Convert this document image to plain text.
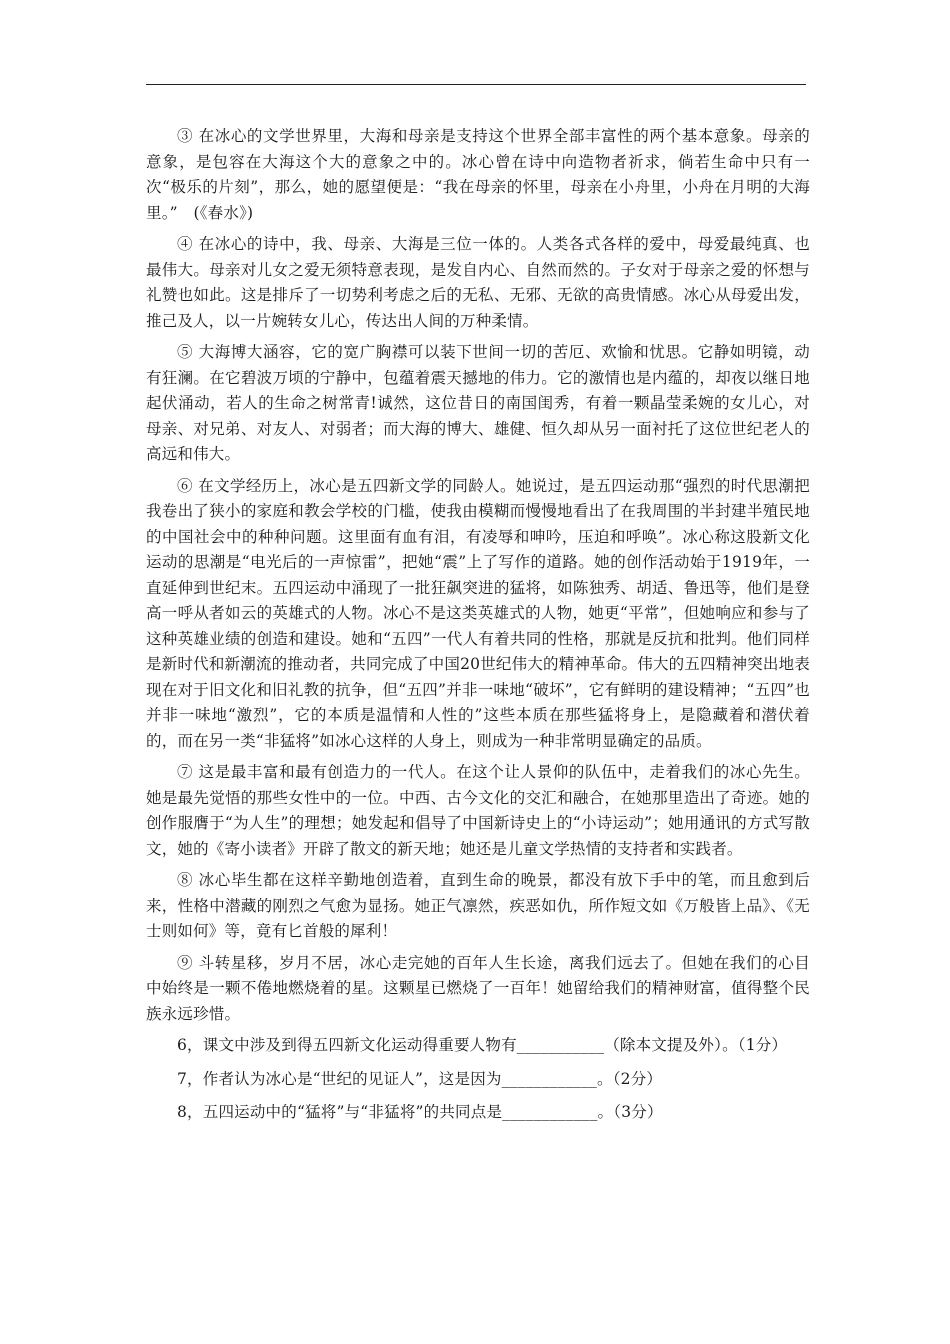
③ 在冰心的文学世界里，大海和母亲是支持这个世界全部丰富性的两个基本意象。母亲的意象，是包容在大海这个大的意象之中的。冰心曾在诗中向造物者祈求，倘若生命中只有一次“极乐的片刻”，那么，她的愿望便是：“我在母亲的怀里，母亲在小舟里，小舟在月明的大海里。”　(《春水》)

④ 在冰心的诗中，我、母亲、大海是三位一体的。人类各式各样的爱中，母爱最纯真、也最伟大。母亲对儿女之爱无须特意表现，是发自内心、自然而然的。子女对于母亲之爱的怀想与礼赞也如此。这是排斥了一切势利考虑之后的无私、无邪、无欲的高贵情感。冰心从母爱出发，推己及人，以一片婉转女儿心，传达出人间的万种柔情。

⑤ 大海博大涵容，它的宽广胸襟可以装下世间一切的苦厄、欢愉和忧思。它静如明镜，动有狂澜。在它碧波万顷的宁静中，包蕴着震天撼地的伟力。它的激情也是内蕴的，却夜以继日地起伏涌动，若人的生命之树常青!诚然，这位昔日的南国闺秀，有着一颗晶莹柔婉的女儿心，对母亲、对兄弟、对友人、对弱者；而大海的博大、雄健、恒久却从另一面衬托了这位世纪老人的高远和伟大。

⑥ 在文学经历上，冰心是五四新文学的同龄人。她说过，是五四运动那“强烈的时代思潮把我卷出了狭小的家庭和教会学校的门槛，使我由模糊而慢慢地看出了在我周围的半封建半殖民地的中国社会中的种种问题。这里面有血有泪，有凌辱和呻吟，压迫和呼唤”。冰心称这股新文化运动的思潮是“电光后的一声惊雷”，把她“震”上了写作的道路。她的创作活动始于1919年，一直延伸到世纪末。五四运动中涌现了一批狂飙突进的猛将，如陈独秀、胡适、鲁迅等，他们是登高一呼从者如云的英雄式的人物。冰心不是这类英雄式的人物，她更“平常”，但她响应和参与了这种英雄业绩的创造和建设。她和“五四”一代人有着共同的性格，那就是反抗和批判。他们同样是新时代和新潮流的推动者，共同完成了中国20世纪伟大的精神革命。伟大的五四精神突出地表现在对于旧文化和旧礼教的抗争，但“五四”并非一味地“破坏”，它有鲜明的建设精神；“五四”也并非一味地“激烈”，它的本质是温情和人性的”这些本质在那些猛将身上，是隐藏着和潜伏着的，而在另一类“非猛将”如冰心这样的人身上，则成为一种非常明显确定的品质。

⑦ 这是最丰富和最有创造力的一代人。在这个让人景仰的队伍中，走着我们的冰心先生。她是最先觉悟的那些女性中的一位。中西、古今文化的交汇和融合，在她那里造出了奇迹。她的创作服膺于“为人生”的理想；她发起和倡导了中国新诗史上的“小诗运动”；她用通讯的方式写散文，她的《寄小读者》开辟了散文的新天地；她还是儿童文学热情的支持者和实践者。

⑧ 冰心毕生都在这样辛勤地创造着，直到生命的晚景，都没有放下手中的笔，而且愈到后来，性格中潜藏的刚烈之气愈为显扬。她正气凛然，疾恶如仇，所作短文如《万般皆上品》、《无士则如何》等，竟有匕首般的犀利！

⑨ 斗转星移，岁月不居，冰心走完她的百年人生长途，离我们远去了。但她在我们的心目中始终是一颗不倦地燃烧着的星。这颗星已燃烧了一百年！她留给我们的精神财富，值得整个民族永远珍惜。

6，课文中涉及到得五四新文化运动得重要人物有___________（除本文提及外）。（1分）

7，作者认为冰心是“世纪的见证人”，这是因为____________。（2分）

8，五四运动中的“猛将”与“非猛将”的共同点是____________。（3分）
